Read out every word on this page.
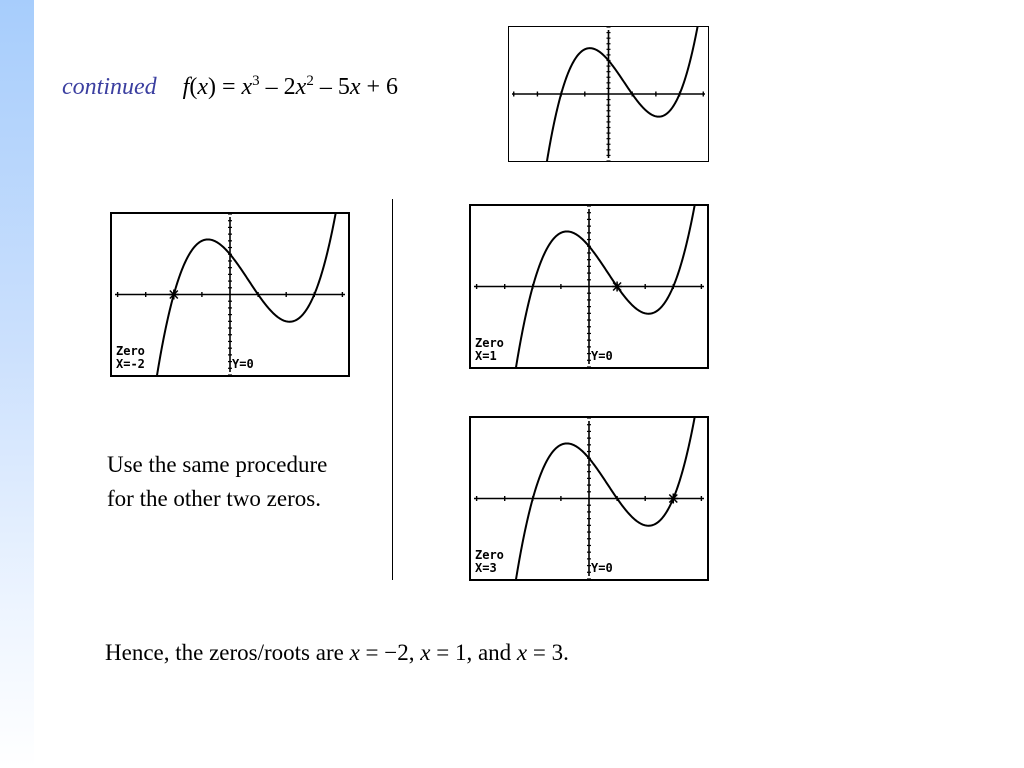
continued $f(x) = x^3 - 2x^2 - 5x + 6$
Zero
X=-2	Y=0
Zero
X=1	Y=0
Zero
X=3	Y=0
Use the same procedure for the other two zeros.
Hence, the zeros/roots are x = −2, x = 1, and x = 3.
